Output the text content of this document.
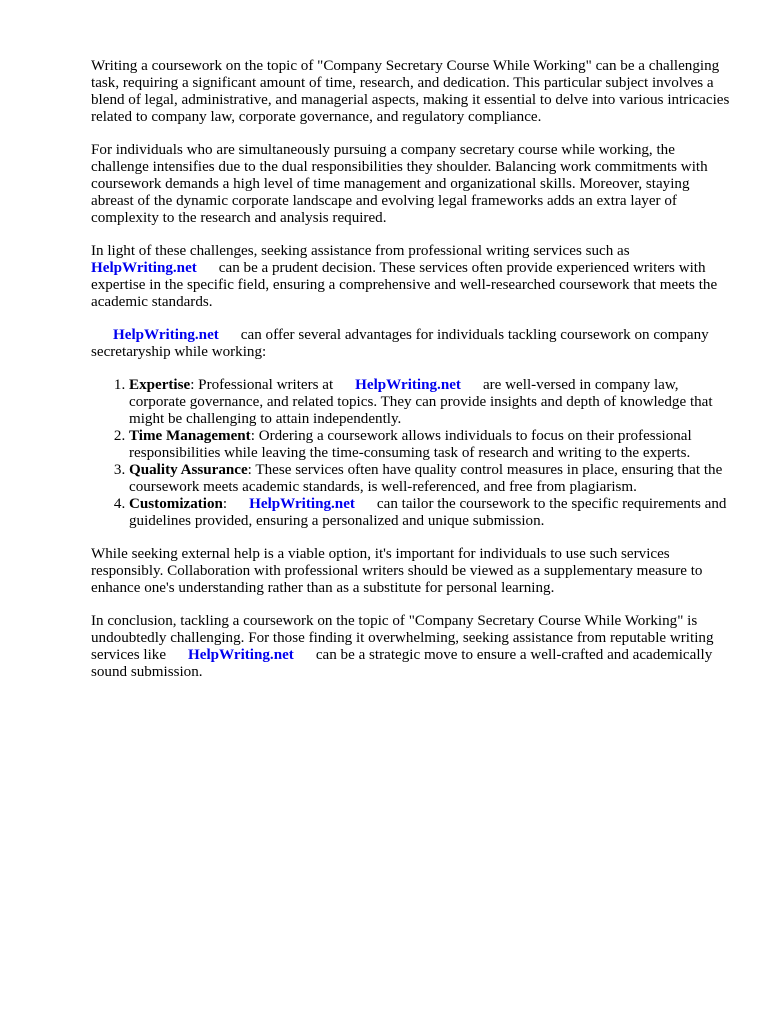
Writing a coursework on the topic of "Company Secretary Course While Working" can be a challenging task, requiring a significant amount of time, research, and dedication. This particular subject involves a blend of legal, administrative, and managerial aspects, making it essential to delve into various intricacies related to company law, corporate governance, and regulatory compliance.

For individuals who are simultaneously pursuing a company secretary course while working, the challenge intensifies due to the dual responsibilities they shoulder. Balancing work commitments with coursework demands a high level of time management and organizational skills. Moreover, staying abreast of the dynamic corporate landscape and evolving legal frameworks adds an extra layer of complexity to the research and analysis required.

In light of these challenges, seeking assistance from professional writing services such as
HelpWriting.net can be a prudent decision. These services often provide experienced writers with expertise in the specific field, ensuring a comprehensive and well-researched coursework that meets the academic standards.

HelpWriting.net can offer several advantages for individuals tackling coursework on company secretaryship while working:

1. Expertise: Professional writers at HelpWriting.net are well-versed in company law, corporate governance, and related topics. They can provide insights and depth of knowledge that might be challenging to attain independently.
2. Time Management: Ordering a coursework allows individuals to focus on their professional responsibilities while leaving the time-consuming task of research and writing to the experts.
3. Quality Assurance: These services often have quality control measures in place, ensuring that the coursework meets academic standards, is well-referenced, and free from plagiarism.
4. Customization: HelpWriting.net can tailor the coursework to the specific requirements and guidelines provided, ensuring a personalized and unique submission.

While seeking external help is a viable option, it's important for individuals to use such services responsibly. Collaboration with professional writers should be viewed as a supplementary measure to enhance one's understanding rather than as a substitute for personal learning.

In conclusion, tackling a coursework on the topic of "Company Secretary Course While Working" is undoubtedly challenging. For those finding it overwhelming, seeking assistance from reputable writing services like HelpWriting.net can be a strategic move to ensure a well-crafted and academically sound submission.
